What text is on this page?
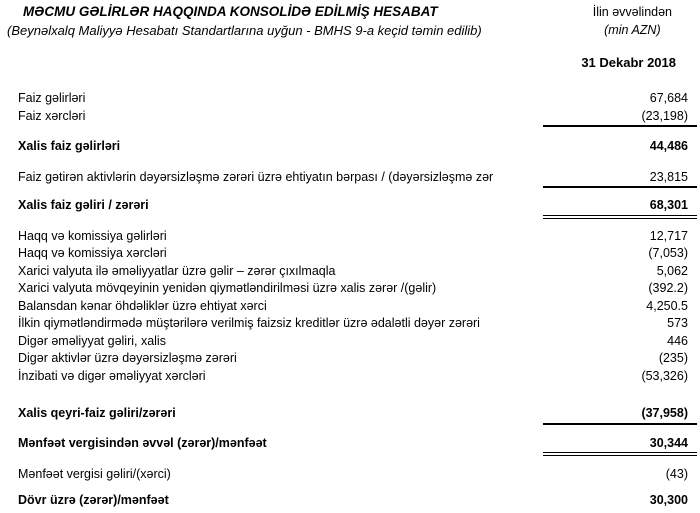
MƏCMU GƏLİRLƏR HAQQINDA KONSOLİDƏ EDİLMİŞ HESABAT
(Beynəlxalq Maliyyə Hesabatı Standartlarına uyğun - BMHS 9-a keçid təmin edilib)
İlin əvvəlindən
(min AZN)
31 Dekabr 2018
Faiz gəlirləri	67,684
Faiz xərcləri	(23,198)
Xalis faiz gəlirləri	44,486
Faiz gətirən aktivlərin dəyərsizləşmə zərəri üzrə ehtiyatın bərpası / (dəyərsizləşmə zər	23,815
Xalis faiz gəliri / zərəri	68,301
Haqq və komissiya gəlirləri	12,717
Haqq və komissiya xərcləri	(7,053)
Xarici valyuta ilə əməliyyatlar üzrə gəlir – zərər çıxılmaqla	5,062
Xarici valyuta mövqeyinin yenidən qiymətləndirilməsi üzrə xalis zərər /(gəlir)	(392.2)
Balansdan kənar öhdəliklər üzrə ehtiyat xərci	4,250.5
İlkin qiymətləndirmədə müştərilərə verilmiş faizsiz kreditlər üzrə ədalətli dəyər zərəri	573
Digər əməliyyat gəliri, xalis	446
Digər aktivlər üzrə dəyərsizləşmə zərəri	(235)
İnzibati və digər əməliyyat xərcləri	(53,326)
Xalis qeyri-faiz gəliri/zərəri	(37,958)
Mənfəət vergisindən əvvəl (zərər)/mənfəət	30,344
Mənfəət vergisi gəliri/(xərci)	(43)
Dövr üzrə (zərər)/mənfəət	30,300
